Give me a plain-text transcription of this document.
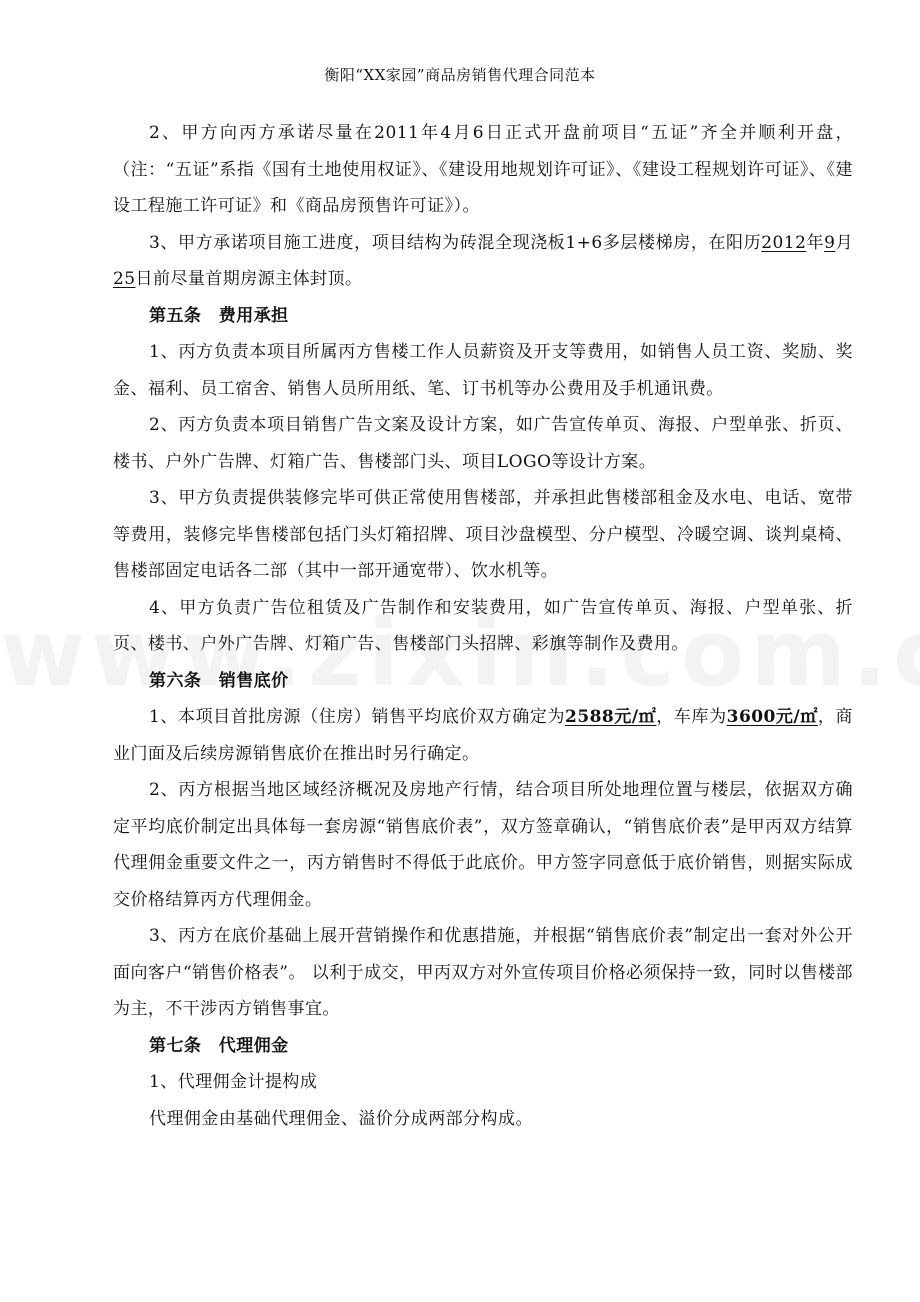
衡阳“XX家园”商品房销售代理合同范本

2、甲方向丙方承诺尽量在2011年4月6日正式开盘前项目“五证”齐全并顺利开盘，（注：“五证”系指《国有土地使用权证》、《建设用地规划许可证》、《建设工程规划许可证》、《建设工程施工许可证》和《商品房预售许可证》）。

3、甲方承诺项目施工进度，项目结构为砖混全现浇板1+6多层楼梯房，在阳历2012年9月25日前尽量首期房源主体封顶。

第五条　费用承担

1、丙方负责本项目所属丙方售楼工作人员薪资及开支等费用，如销售人员工资、奖励、奖金、福利、员工宿舍、销售人员所用纸、笔、订书机等办公费用及手机通讯费。

2、丙方负责本项目销售广告文案及设计方案，如广告宣传单页、海报、户型单张、折页、楼书、户外广告牌、灯箱广告、售楼部门头、项目LOGO等设计方案。

3、甲方负责提供装修完毕可供正常使用售楼部，并承担此售楼部租金及水电、电话、宽带等费用，装修完毕售楼部包括门头灯箱招牌、项目沙盘模型、分户模型、冷暖空调、谈判桌椅、售楼部固定电话各二部（其中一部开通宽带）、饮水机等。

4、甲方负责广告位租赁及广告制作和安装费用，如广告宣传单页、海报、户型单张、折页、楼书、户外广告牌、灯箱广告、售楼部门头招牌、彩旗等制作及费用。

第六条　销售底价

1、本项目首批房源（住房）销售平均底价双方确定为2588元/㎡，车库为3600元/㎡，商业门面及后续房源销售底价在推出时另行确定。

2、丙方根据当地区域经济概况及房地产行情，结合项目所处地理位置与楼层，依据双方确定平均底价制定出具体每一套房源“销售底价表”，双方签章确认，“销售底价表”是甲丙双方结算代理佣金重要文件之一，丙方销售时不得低于此底价。甲方签字同意低于底价销售，则据实际成交价格结算丙方代理佣金。

3、丙方在底价基础上展开营销操作和优惠措施，并根据“销售底价表”制定出一套对外公开面向客户“销售价格表”。 以利于成交，甲丙双方对外宣传项目价格必须保持一致，同时以售楼部为主，不干涉丙方销售事宜。

第七条　代理佣金

1、代理佣金计提构成

代理佣金由基础代理佣金、溢价分成两部分构成。
